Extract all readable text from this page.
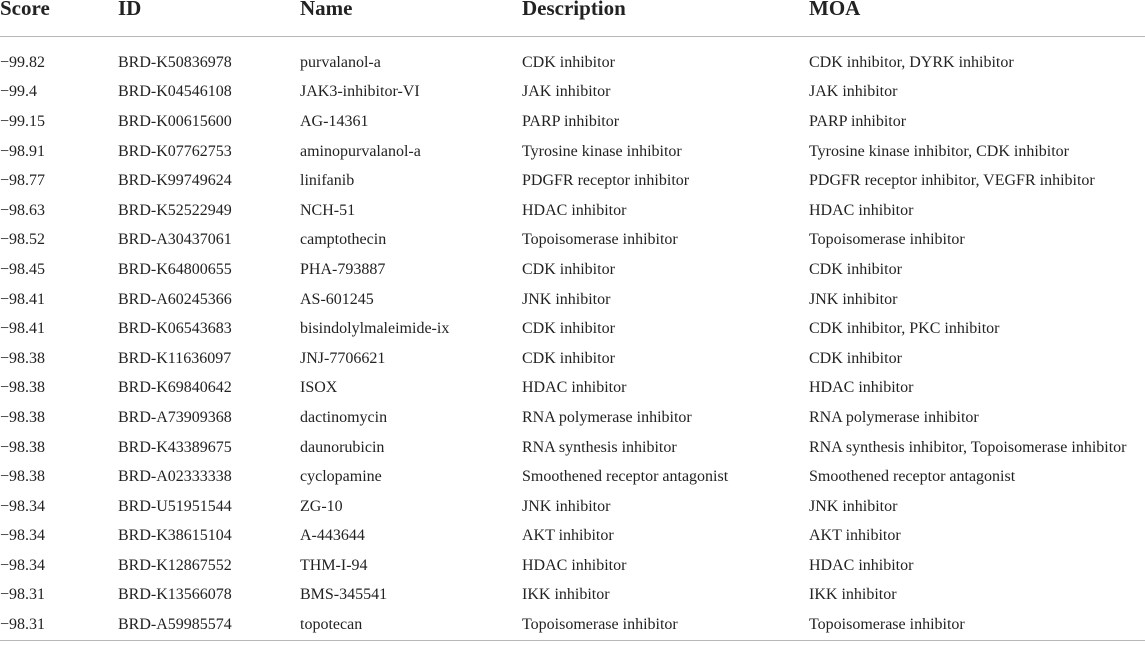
Score	ID	Name	Description	MOA

−99.82	BRD-K50836978	purvalanol-a	CDK inhibitor	CDK inhibitor, DYRK inhibitor
−99.4	BRD-K04546108	JAK3-inhibitor-VI	JAK inhibitor	JAK inhibitor
−99.15	BRD-K00615600	AG-14361	PARP inhibitor	PARP inhibitor
−98.91	BRD-K07762753	aminopurvalanol-a	Tyrosine kinase inhibitor	Tyrosine kinase inhibitor, CDK inhibitor
−98.77	BRD-K99749624	linifanib	PDGFR receptor inhibitor	PDGFR receptor inhibitor, VEGFR inhibitor
−98.63	BRD-K52522949	NCH-51	HDAC inhibitor	HDAC inhibitor
−98.52	BRD-A30437061	camptothecin	Topoisomerase inhibitor	Topoisomerase inhibitor
−98.45	BRD-K64800655	PHA-793887	CDK inhibitor	CDK inhibitor
−98.41	BRD-A60245366	AS-601245	JNK inhibitor	JNK inhibitor
−98.41	BRD-K06543683	bisindolylmaleimide-ix	CDK inhibitor	CDK inhibitor, PKC inhibitor
−98.38	BRD-K11636097	JNJ-7706621	CDK inhibitor	CDK inhibitor
−98.38	BRD-K69840642	ISOX	HDAC inhibitor	HDAC inhibitor
−98.38	BRD-A73909368	dactinomycin	RNA polymerase inhibitor	RNA polymerase inhibitor
−98.38	BRD-K43389675	daunorubicin	RNA synthesis inhibitor	RNA synthesis inhibitor, Topoisomerase inhibitor
−98.38	BRD-A02333338	cyclopamine	Smoothened receptor antagonist	Smoothened receptor antagonist
−98.34	BRD-U51951544	ZG-10	JNK inhibitor	JNK inhibitor
−98.34	BRD-K38615104	A-443644	AKT inhibitor	AKT inhibitor
−98.34	BRD-K12867552	THM-I-94	HDAC inhibitor	HDAC inhibitor
−98.31	BRD-K13566078	BMS-345541	IKK inhibitor	IKK inhibitor
−98.31	BRD-A59985574	topotecan	Topoisomerase inhibitor	Topoisomerase inhibitor
